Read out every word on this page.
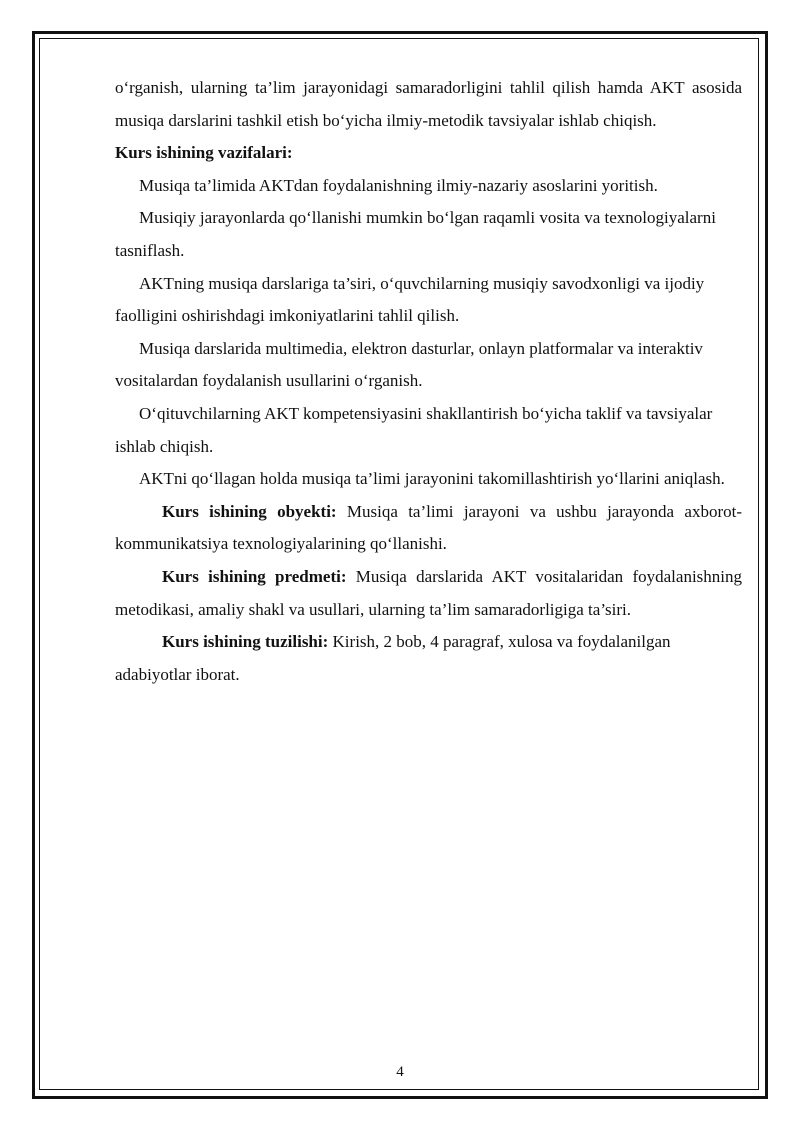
o‘rganish, ularning ta’lim jarayonidagi samaradorligini tahlil qilish hamda AKT asosida musiqa darslarini tashkil etish bo‘yicha ilmiy-metodik tavsiyalar ishlab chiqish.

Kurs ishining vazifalari:

Musiqa ta’limida AKTdan foydalanishning ilmiy-nazariy asoslarini yoritish.

Musiqiy jarayonlarda qo‘llanishi mumkin bo‘lgan raqamli vosita va texnologiyalarni tasniflash.

AKTning musiqa darslariga ta’siri, o‘quvchilarning musiqiy savodxonligi va ijodiy faolligini oshirishdagi imkoniyatlarini tahlil qilish.

Musiqa darslarida multimedia, elektron dasturlar, onlayn platformalar va interaktiv vositalardan foydalanish usullarini o‘rganish.

O‘qituvchilarning AKT kompetensiyasini shakllantirish bo‘yicha taklif va tavsiyalar ishlab chiqish.

AKTni qo‘llagan holda musiqa ta’limi jarayonini takomillashtirish yo‘llarini aniqlash.

Kurs ishining obyekti: Musiqa ta’limi jarayoni va ushbu jarayonda axborot-kommunikatsiya texnologiyalarining qo‘llanishi.

Kurs ishining predmeti: Musiqa darslarida AKT vositalaridan foydalanishning metodikasi, amaliy shakl va usullari, ularning ta’lim samaradorligiga ta’siri.

Kurs ishining tuzilishi: Kirish, 2 bob, 4 paragraf, xulosa va foydalanilgan adabiyotlar iborat.

4
